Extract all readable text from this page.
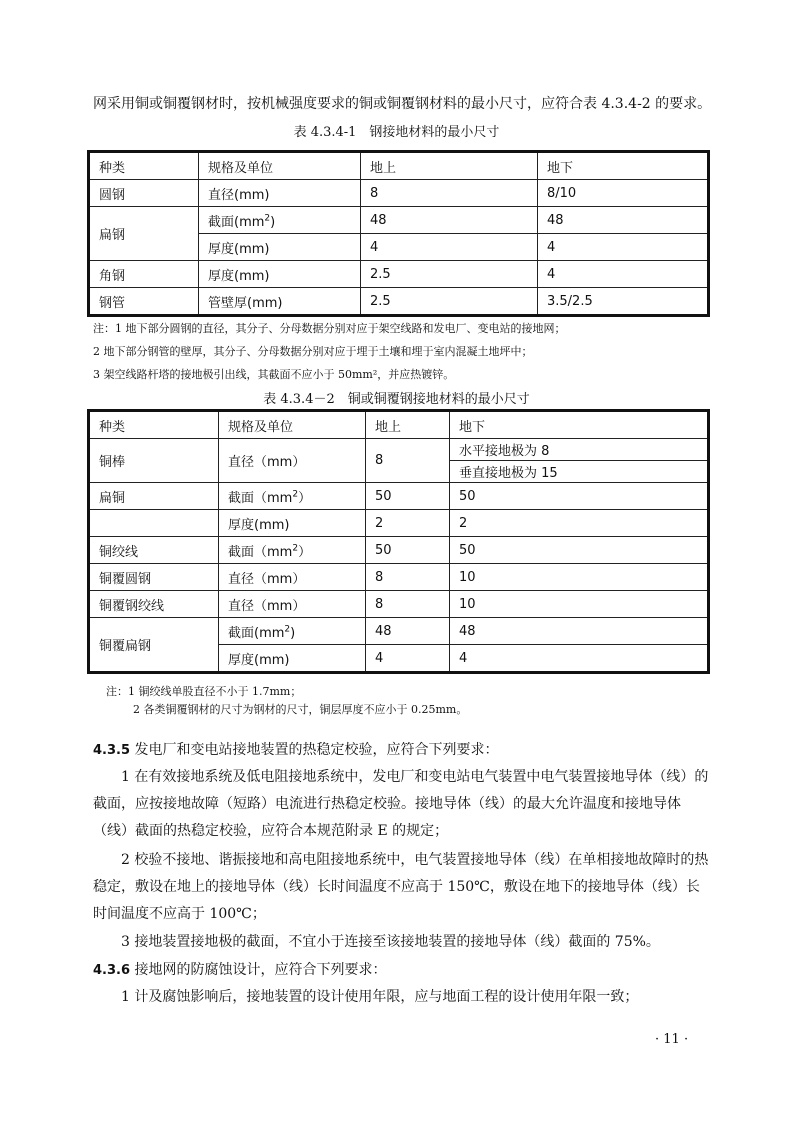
网采用铜或铜覆钢材时，按机械强度要求的铜或铜覆钢材料的最小尺寸，应符合表 4.3.4-2 的要求。
表 4.3.4-1　钢接地材料的最小尺寸
种类	规格及单位	地上	地下
圆钢	直径(mm)	8	8/10
扁钢	截面$(mm^2)$	48	48
	厚度(mm)	4	4
角钢	厚度(mm)	2.5	4
钢管	管壁厚(mm)	2.5	3.5/2.5
注：1 地下部分圆钢的直径，其分子、分母数据分别对应于架空线路和发电厂、变电站的接地网；
2 地下部分钢管的壁厚，其分子、分母数据分别对应于埋于土壤和埋于室内混凝土地坪中；
3 架空线路杆塔的接地极引出线，其截面不应小于 50mm²，并应热镀锌。
表 4.3.4－2　铜或铜覆钢接地材料的最小尺寸
种类	规格及单位	地上	地下
铜棒	直径（mm）	8	水平接地极为 8
			垂直接地极为 15
扁铜	截面$(mm^2)$	50	50
	厚度(mm)	2	2
铜绞线	截面$(mm^2)$	50	50
铜覆圆钢	直径（mm）	8	10
铜覆钢绞线	直径（mm）	8	10
铜覆扁钢	截面$(mm^2)$	48	48
	厚度(mm)	4	4
注：1 铜绞线单股直径不小于 1.7mm；
2 各类铜覆钢材的尺寸为钢材的尺寸，铜层厚度不应小于 0.25mm。
4.3.5 发电厂和变电站接地装置的热稳定校验，应符合下列要求：
1 在有效接地系统及低电阻接地系统中，发电厂和变电站电气装置中电气装置接地导体（线）的截面，应按接地故障（短路）电流进行热稳定校验。接地导体（线）的最大允许温度和接地导体（线）截面的热稳定校验，应符合本规范附录 E 的规定；
2 校验不接地、谐振接地和高电阻接地系统中，电气装置接地导体（线）在单相接地故障时的热稳定，敷设在地上的接地导体（线）长时间温度不应高于 150℃，敷设在地下的接地导体（线）长时间温度不应高于 100℃；
3 接地装置接地极的截面，不宜小于连接至该接地装置的接地导体（线）截面的 75%。
4.3.6 接地网的防腐蚀设计，应符合下列要求：
1 计及腐蚀影响后，接地装置的设计使用年限，应与地面工程的设计使用年限一致；
· 11 ·
